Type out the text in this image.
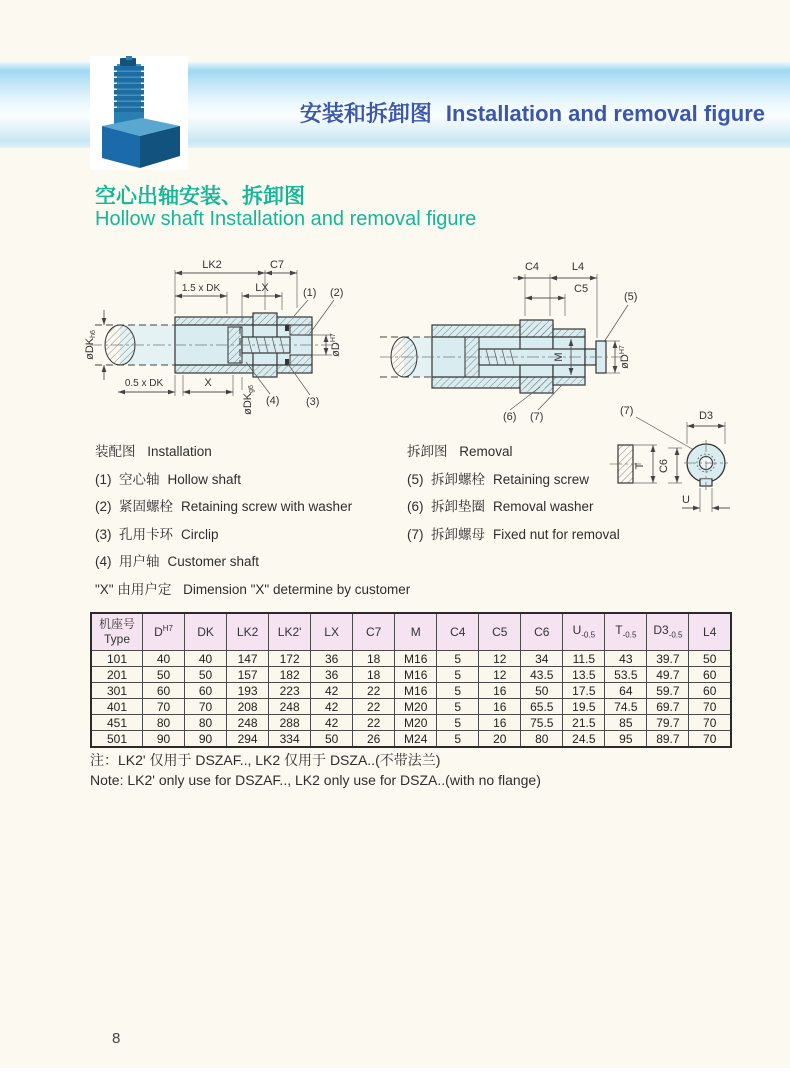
安装和拆卸图 Installation and removal figure
空心出轴安装、拆卸图
Hollow shaft Installation and removal figure
LK2	C7
1.5 x DK	LX	(1) (2)
øDKh6
$øD^{H7}$
0.5 x DK	X
øDKg6
(4) (3)
M
C4	L4
C5
(5)
(6) (7)
$øD^{H7}$
(7)
T C6
D3
U
装配图 Installation
(1) 空心轴 Hollow shaft
(2) 紧固螺栓 Retaining screw with washer
(3) 孔用卡环 Circlip
(4) 用户轴 Customer shaft
"X" 由用户定 Dimension "X" determine by customer
拆卸图 Removal
(5) 拆卸螺栓 Retaining screw
(6) 拆卸垫圈 Removal washer
(7) 拆卸螺母 Fixed nut for removal
机座号
Type	$D^{H7}$	DK	LK2	LK2'	LX	C7	M	C4	C5	C6	$U_{-0.5}$	$T_{-0.5}$	$D3_{-0.5}$	L4
101	40	40	147	172	36	18	M16	5	12	34	11.5	43	39.7	50
201	50	50	157	182	36	18	M16	5	12	43.5	13.5	53.5	49.7	60
301	60	60	193	223	42	22	M16	5	16	50	17.5	64	59.7	60
401	70	70	208	248	42	22	M20	5	16	65.5	19.5	74.5	69.7	70
451	80	80	248	288	42	22	M20	5	16	75.5	21.5	85	79.7	70
501	90	90	294	334	50	26	M24	5	20	80	24.5	95	89.7	70
注：LK2' 仅用于 DSZAF.., LK2 仅用于 DSZA..(不带法兰)
Note: LK2' only use for DSZAF.., LK2 only use for DSZA..(with no flange)
8
